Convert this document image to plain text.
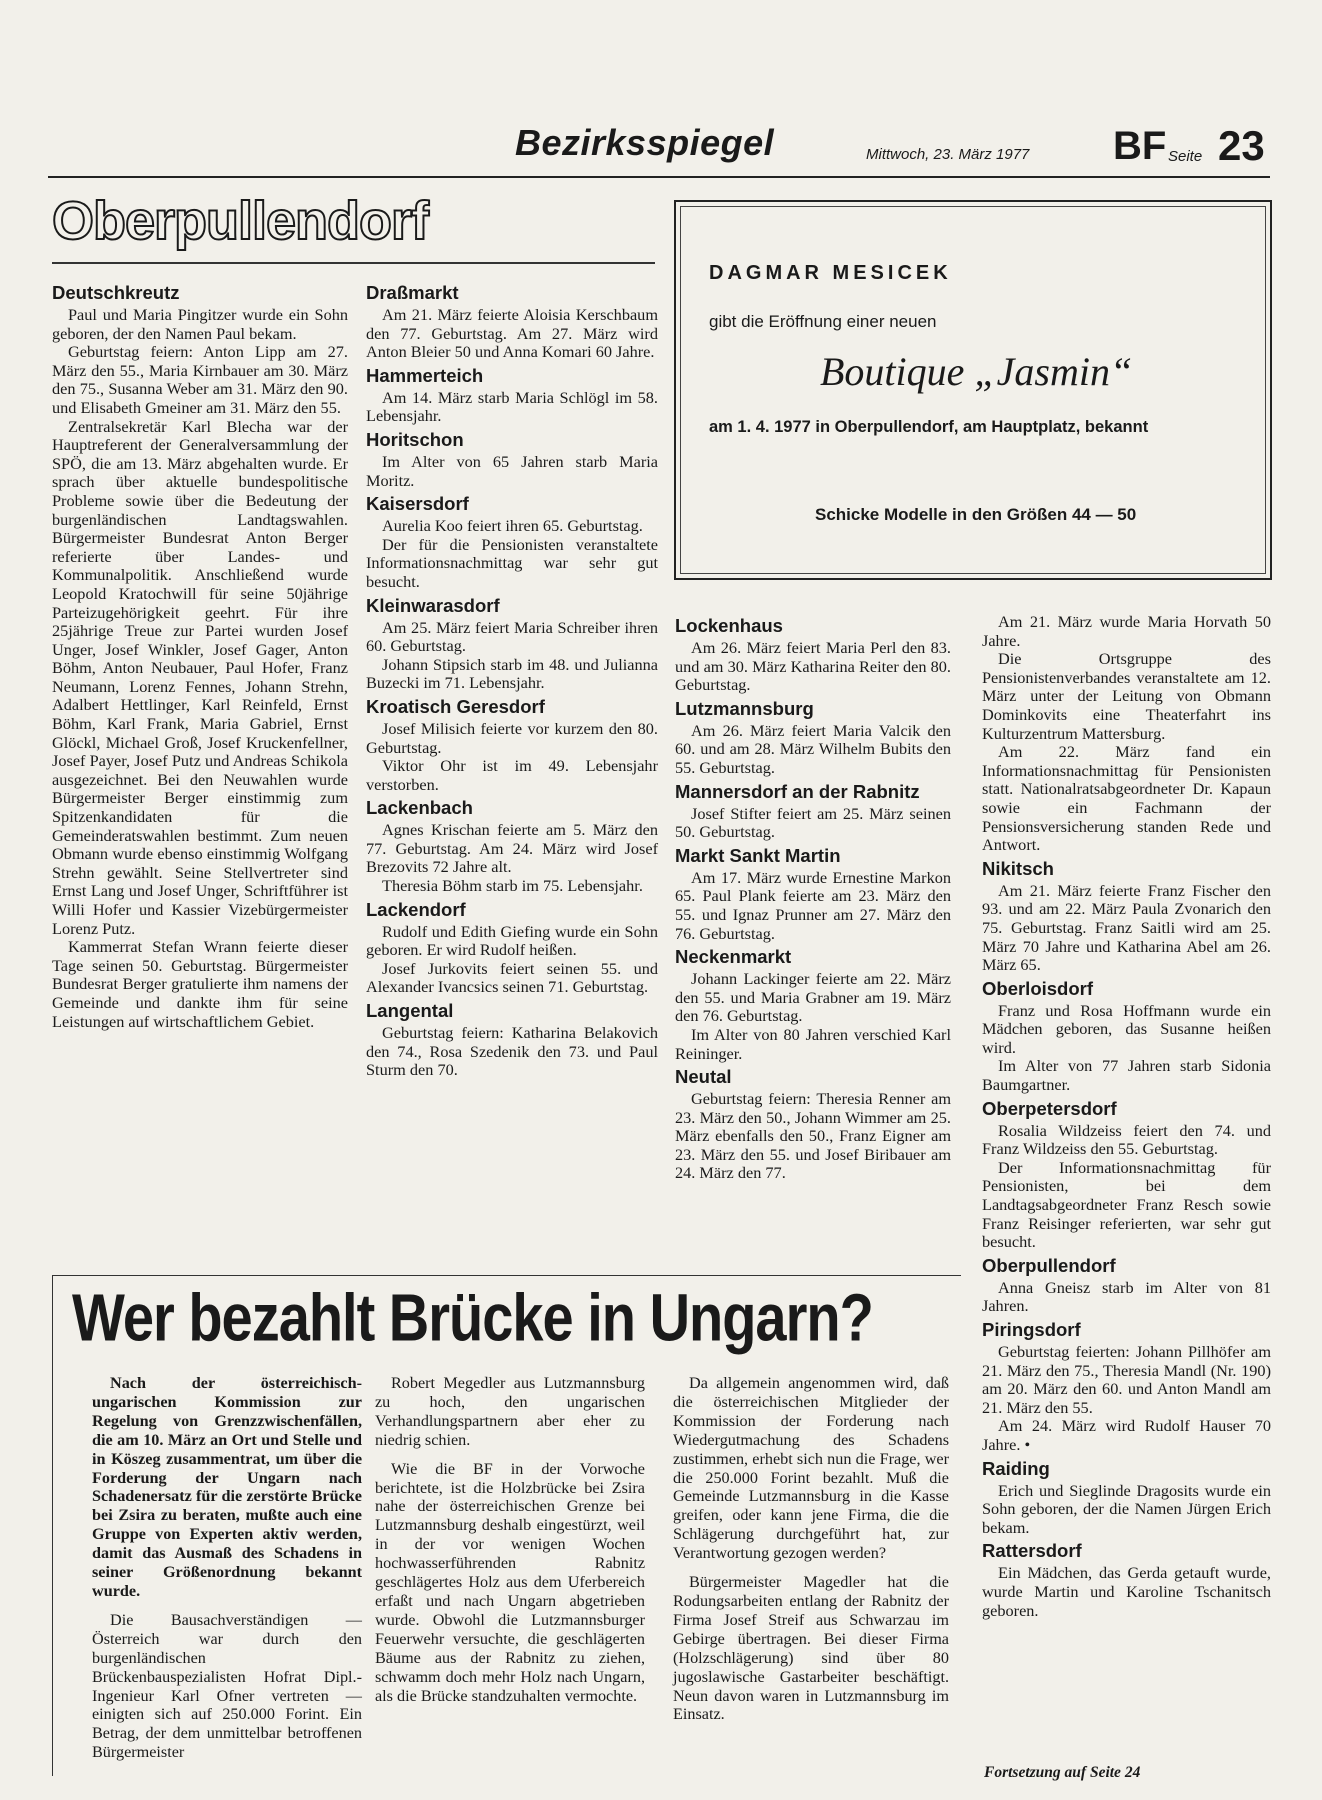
Bezirksspiegel	Mittwoch, 23. März 1977 BF Seite 23
Oberpullendorf
Deutschkreutz

Paul und Maria Pingitzer wurde ein Sohn geboren, der den Namen Paul bekam.

Geburtstag feiern: Anton Lipp am 27. März den 55., Maria Kirnbauer am 30. März den 75., Susanna Weber am 31. März den 90. und Elisabeth Gmeiner am 31. März den 55.

Zentralsekretär Karl Blecha war der Hauptreferent der Generalversammlung der SPÖ, die am 13. März abgehalten wurde. Er sprach über aktuelle bundespolitische Probleme sowie über die Bedeutung der burgenländischen Landtagswahlen. Bürgermeister Bundesrat Anton Berger referierte über Landes- und Kommunalpolitik. Anschließend wurde Leopold Kratochwill für seine 50jährige Parteizugehörigkeit geehrt. Für ihre 25jährige Treue zur Partei wurden Josef Unger, Josef Winkler, Josef Gager, Anton Böhm, Anton Neubauer, Paul Hofer, Franz Neumann, Lorenz Fennes, Johann Strehn, Adalbert Hettlinger, Karl Reinfeld, Ernst Böhm, Karl Frank, Maria Gabriel, Ernst Glöckl, Michael Groß, Josef Kruckenfellner, Josef Payer, Josef Putz und Andreas Schikola ausgezeichnet. Bei den Neuwahlen wurde Bürgermeister Berger einstimmig zum Spitzenkandidaten für die Gemeinderatswahlen bestimmt. Zum neuen Obmann wurde ebenso einstimmig Wolfgang Strehn gewählt. Seine Stellvertreter sind Ernst Lang und Josef Unger, Schriftführer ist Willi Hofer und Kassier Vizebürgermeister Lorenz Putz.

Kammerrat Stefan Wrann feierte dieser Tage seinen 50. Geburtstag. Bürgermeister Bundesrat Berger gratulierte ihm namens der Gemeinde und dankte ihm für seine Leistungen auf wirtschaftlichem Gebiet.

Draßmarkt

Am 21. März feierte Aloisia Kerschbaum den 77. Geburtstag. Am 27. März wird Anton Bleier 50 und Anna Komari 60 Jahre.

Hammerteich

Am 14. März starb Maria Schlögl im 58. Lebensjahr.

Horitschon

Im Alter von 65 Jahren starb Maria Moritz.

Kaisersdorf

Aurelia Koo feiert ihren 65. Geburtstag.

Der für die Pensionisten veranstaltete Informationsnachmittag war sehr gut besucht.

Kleinwarasdorf

Am 25. März feiert Maria Schreiber ihren 60. Geburtstag.

Johann Stipsich starb im 48. und Julianna Buzecki im 71. Lebensjahr.

Kroatisch Geresdorf

Josef Milisich feierte vor kurzem den 80. Geburtstag.

Viktor Ohr ist im 49. Lebensjahr verstorben.

Lackenbach

Agnes Krischan feierte am 5. März den 77. Geburtstag. Am 24. März wird Josef Brezovits 72 Jahre alt.

Theresia Böhm starb im 75. Lebensjahr.

Lackendorf

Rudolf und Edith Giefing wurde ein Sohn geboren. Er wird Rudolf heißen.

Josef Jurkovits feiert seinen 55. und Alexander Ivancsics seinen 71. Geburtstag.

Langental

Geburtstag feiern: Katharina Belakovich den 74., Rosa Szedenik den 73. und Paul Sturm den 70.

DAGMAR MESICEK
gibt die Eröffnung einer neuen
Boutique „Jasmin“
am 1. 4. 1977 in Oberpullendorf, am Hauptplatz, bekannt
Schicke Modelle in den Größen 44 — 50
Lockenhaus

Am 26. März feiert Maria Perl den 83. und am 30. März Katharina Reiter den 80. Geburtstag.

Lutzmannsburg

Am 26. März feiert Maria Valcik den 60. und am 28. März Wilhelm Bubits den 55. Geburtstag.

Mannersdorf an der Rabnitz

Josef Stifter feiert am 25. März seinen 50. Geburtstag.

Markt Sankt Martin

Am 17. März wurde Ernestine Markon 65. Paul Plank feierte am 23. März den 55. und Ignaz Prunner am 27. März den 76. Geburtstag.

Neckenmarkt

Johann Lackinger feierte am 22. März den 55. und Maria Grabner am 19. März den 76. Geburtstag.

Im Alter von 80 Jahren verschied Karl Reininger.

Neutal

Geburtstag feiern: Theresia Renner am 23. März den 50., Johann Wimmer am 25. März ebenfalls den 50., Franz Eigner am 23. März den 55. und Josef Biribauer am 24. März den 77.

Am 21. März wurde Maria Horvath 50 Jahre.

Die Ortsgruppe des Pensionistenverbandes veranstaltete am 12. März unter der Leitung von Obmann Dominkovits eine Theaterfahrt ins Kulturzentrum Mattersburg.

Am 22. März fand ein Informationsnachmittag für Pensionisten statt. Nationalratsabgeordneter Dr. Kapaun sowie ein Fachmann der Pensionsversicherung standen Rede und Antwort.

Nikitsch

Am 21. März feierte Franz Fischer den 93. und am 22. März Paula Zvonarich den 75. Geburtstag. Franz Saitli wird am 25. März 70 Jahre und Katharina Abel am 26. März 65.

Oberloisdorf

Franz und Rosa Hoffmann wurde ein Mädchen geboren, das Susanne heißen wird.

Im Alter von 77 Jahren starb Sidonia Baumgartner.

Oberpetersdorf

Rosalia Wildzeiss feiert den 74. und Franz Wildzeiss den 55. Geburtstag.

Der Informationsnachmittag für Pensionisten, bei dem Landtagsabgeordneter Franz Resch sowie Franz Reisinger referierten, war sehr gut besucht.

Oberpullendorf

Anna Gneisz starb im Alter von 81 Jahren.

Piringsdorf

Geburtstag feierten: Johann Pillhöfer am 21. März den 75., Theresia Mandl (Nr. 190) am 20. März den 60. und Anton Mandl am 21. März den 55.

Am 24. März wird Rudolf Hauser 70 Jahre. •

Raiding

Erich und Sieglinde Dragosits wurde ein Sohn geboren, der die Namen Jürgen Erich bekam.

Rattersdorf

Ein Mädchen, das Gerda getauft wurde, wurde Martin und Karoline Tschanitsch geboren.

Wer bezahlt Brücke in Ungarn?

Nach der österreichisch-ungarischen Kommission zur Regelung von Grenzzwischenfällen, die am 10. März an Ort und Stelle und in Köszeg zusammentrat, um über die Forderung der Ungarn nach Schadenersatz für die zerstörte Brücke bei Zsira zu beraten, mußte auch eine Gruppe von Experten aktiv werden, damit das Ausmaß des Schadens in seiner Größenordnung bekannt wurde.

Die Bausachverständigen — Österreich war durch den burgenländischen Brückenbauspezialisten Hofrat Dipl.-Ingenieur Karl Ofner vertreten — einigten sich auf 250.000 Forint. Ein Betrag, der dem unmittelbar betroffenen Bürgermeister

Robert Megedler aus Lutzmannsburg zu hoch, den ungarischen Verhandlungspartnern aber eher zu niedrig schien.

Wie die BF in der Vorwoche berichtete, ist die Holzbrücke bei Zsira nahe der österreichischen Grenze bei Lutzmannsburg deshalb eingestürzt, weil in der vor wenigen Wochen hochwasserführenden Rabnitz geschlägertes Holz aus dem Uferbereich erfaßt und nach Ungarn abgetrieben wurde. Obwohl die Lutzmannsburger Feuerwehr versuchte, die geschlägerten Bäume aus der Rabnitz zu ziehen, schwamm doch mehr Holz nach Ungarn, als die Brücke standzuhalten vermochte.

Da allgemein angenommen wird, daß die österreichischen Mitglieder der Kommission der Forderung nach Wiedergutmachung des Schadens zustimmen, erhebt sich nun die Frage, wer die 250.000 Forint bezahlt. Muß die Gemeinde Lutzmannsburg in die Kasse greifen, oder kann jene Firma, die die Schlägerung durchgeführt hat, zur Verantwortung gezogen werden?

Bürgermeister Magedler hat die Rodungsarbeiten entlang der Rabnitz der Firma Josef Streif aus Schwarzau im Gebirge übertragen. Bei dieser Firma (Holzschlägerung) sind über 80 jugoslawische Gastarbeiter beschäftigt. Neun davon waren in Lutzmannsburg im Einsatz.

Fortsetzung auf Seite 24
